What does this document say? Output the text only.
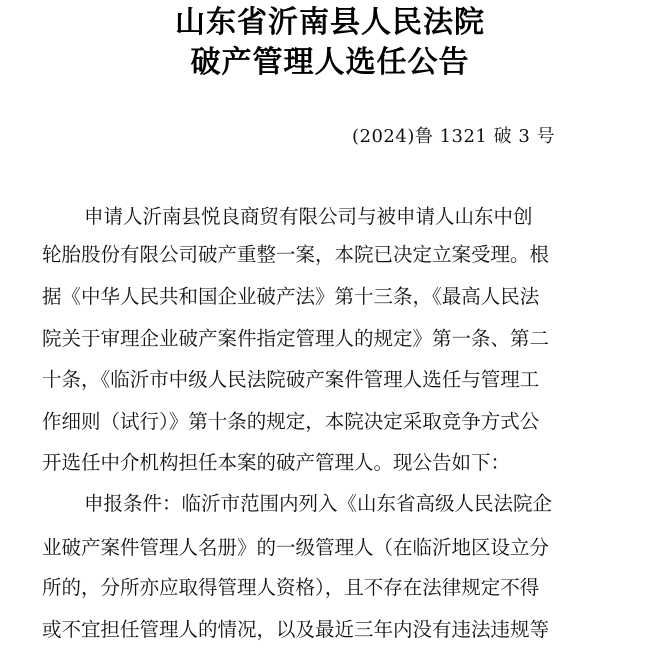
山东省沂南县人民法院
破产管理人选任公告
(2024)鲁 1321 破 3 号
申请人沂南县悦良商贸有限公司与被申请人山东中创
轮胎股份有限公司破产重整一案，本院已决定立案受理。根
据《中华人民共和国企业破产法》第十三条，《最高人民法
院关于审理企业破产案件指定管理人的规定》第一条、第二
十条，《临沂市中级人民法院破产案件管理人选任与管理工
作细则（试行）》第十条的规定，本院决定采取竞争方式公
开选任中介机构担任本案的破产管理人。现公告如下：
申报条件：临沂市范围内列入《山东省高级人民法院企
业破产案件管理人名册》的一级管理人（在临沂地区设立分
所的，分所亦应取得管理人资格），且不存在法律规定不得
或不宜担任管理人的情况，以及最近三年内没有违法违规等
